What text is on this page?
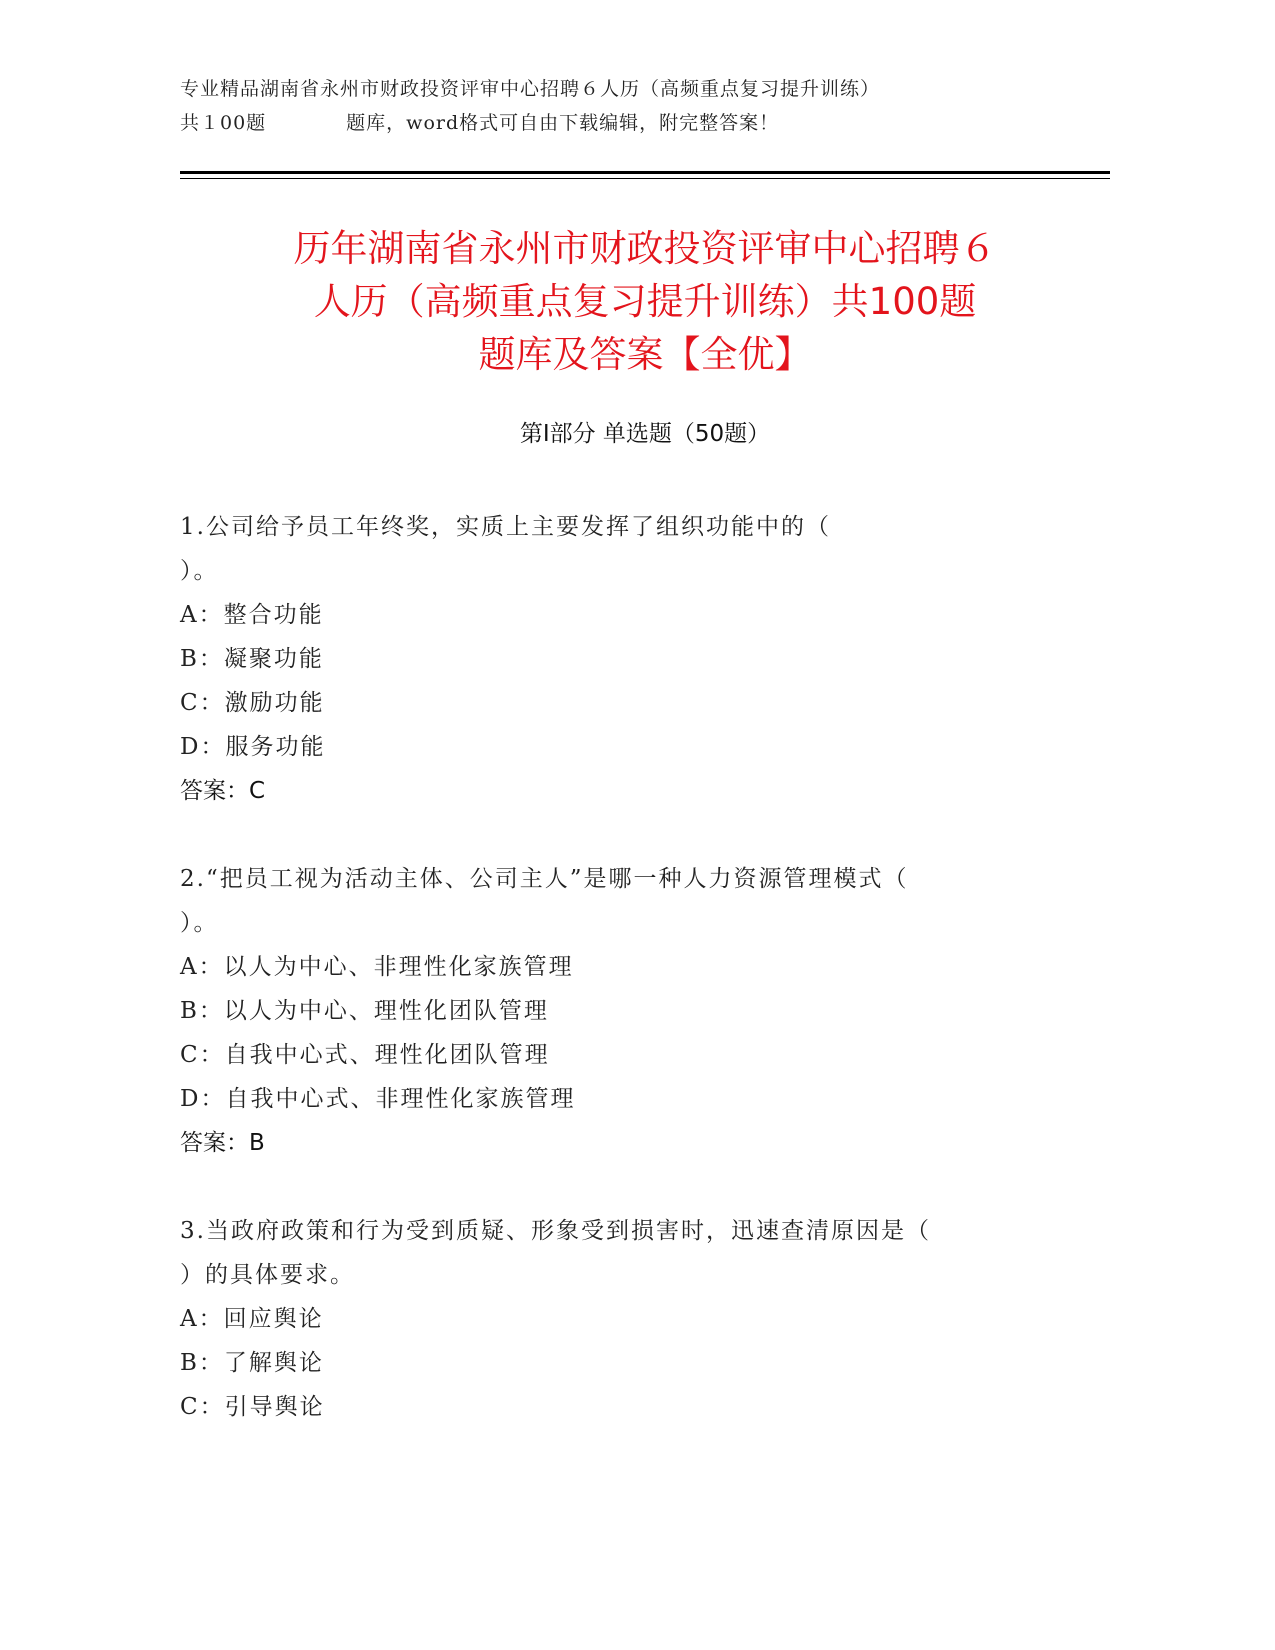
专业精品湖南省永州市财政投资评审中心招聘６人历（高频重点复习提升训练）
共１00题　　　　题库，word格式可自由下载编辑，附完整答案！
历年湖南省永州市财政投资评审中心招聘６
人历（高频重点复习提升训练）共100题
题库及答案【全优】
第Ⅰ部分 单选题（50题）
1.公司给予员工年终奖，实质上主要发挥了组织功能中的（
）。
A：整合功能
B：凝聚功能
C：激励功能
D：服务功能
答案：C
2.“把员工视为活动主体、公司主人”是哪一种人力资源管理模式（
）。
A：以人为中心、非理性化家族管理
B：以人为中心、理性化团队管理
C：自我中心式、理性化团队管理
D：自我中心式、非理性化家族管理
答案：B
3.当政府政策和行为受到质疑、形象受到损害时，迅速查清原因是（
）的具体要求。
A：回应舆论
B：了解舆论
C：引导舆论
